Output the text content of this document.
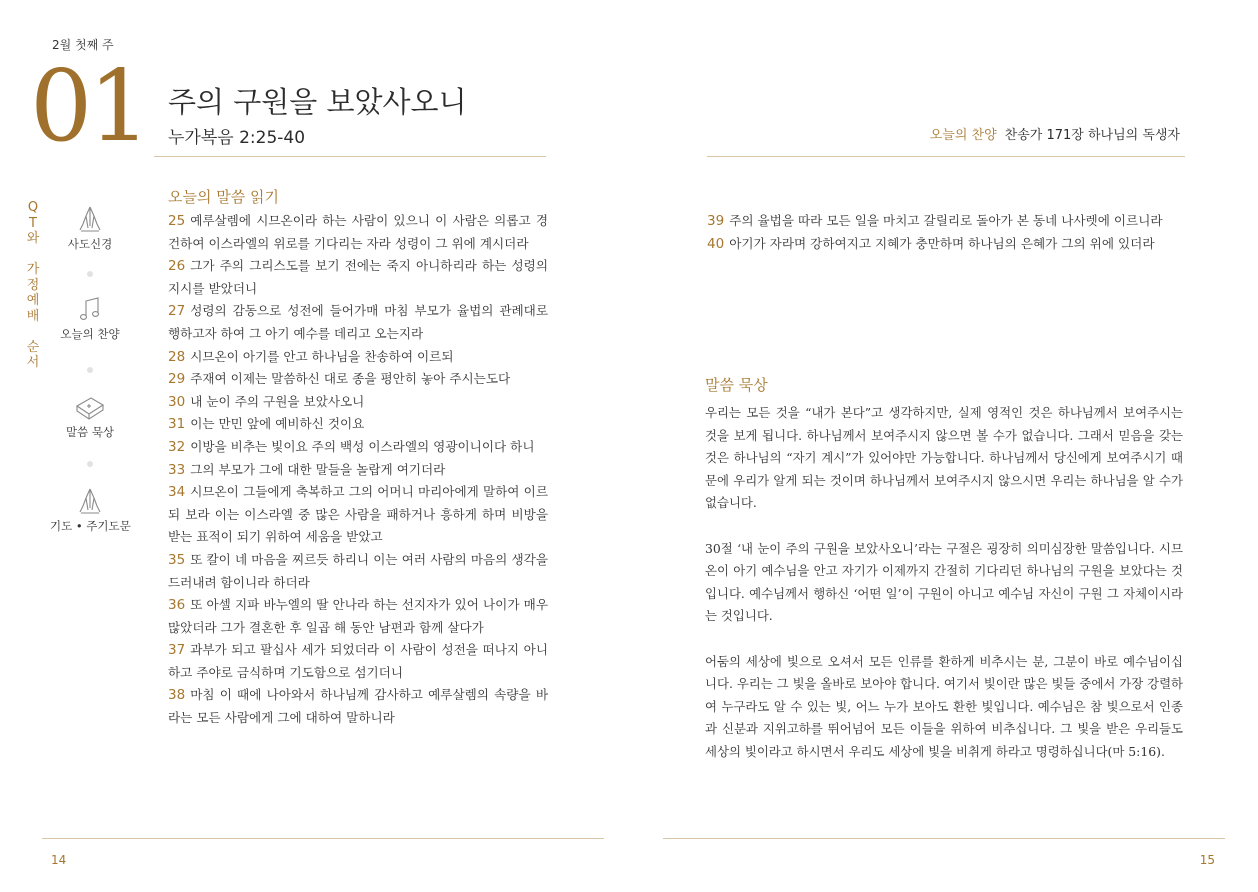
2월 첫째 주
01 주의 구원을 보았사오니
누가복음 2:25-40	오늘의 찬양 찬송가 171장 하나님의 독생자
Q
T
와

가
정
예
배

순
서
사도신경
오늘의 찬양
말씀 묵상
기도 • 주기도문
오늘의 말씀 읽기
25 예루살렘에 시므온이라 하는 사람이 있으니 이 사람은 의롭고 경건하여 이스라엘의 위로를 기다리는 자라 성령이 그 위에 계시더라
26 그가 주의 그리스도를 보기 전에는 죽지 아니하리라 하는 성령의 지시를 받았더니
27 성령의 감동으로 성전에 들어가매 마침 부모가 율법의 관례대로 행하고자 하여 그 아기 예수를 데리고 오는지라
28 시므온이 아기를 안고 하나님을 찬송하여 이르되
29 주재여 이제는 말씀하신 대로 종을 평안히 놓아 주시는도다
30 내 눈이 주의 구원을 보았사오니
31 이는 만민 앞에 예비하신 것이요
32 이방을 비추는 빛이요 주의 백성 이스라엘의 영광이니이다 하니
33 그의 부모가 그에 대한 말들을 놀랍게 여기더라
34 시므온이 그들에게 축복하고 그의 어머니 마리아에게 말하여 이르되 보라 이는 이스라엘 중 많은 사람을 패하거나 흥하게 하며 비방을 받는 표적이 되기 위하여 세움을 받았고
35 또 칼이 네 마음을 찌르듯 하리니 이는 여러 사람의 마음의 생각을 드러내려 함이니라 하더라
36 또 아셀 지파 바누엘의 딸 안나라 하는 선지자가 있어 나이가 매우 많았더라 그가 결혼한 후 일곱 해 동안 남편과 함께 살다가
37 과부가 되고 팔십사 세가 되었더라 이 사람이 성전을 떠나지 아니하고 주야로 금식하며 기도함으로 섬기더니
38 마침 이 때에 나아와서 하나님께 감사하고 예루살렘의 속량을 바라는 모든 사람에게 그에 대하여 말하니라
39 주의 율법을 따라 모든 일을 마치고 갈릴리로 돌아가 본 동네 나사렛에 이르니라
40 아기가 자라며 강하여지고 지혜가 충만하며 하나님의 은혜가 그의 위에 있더라
말씀 묵상

우리는 모든 것을 “내가 본다”고 생각하지만, 실제 영적인 것은 하나님께서 보여주시는 것을 보게 됩니다. 하나님께서 보여주시지 않으면 볼 수가 없습니다. 그래서 믿음을 갖는 것은 하나님의 “자기 계시”가 있어야만 가능합니다. 하나님께서 당신에게 보여주시기 때문에 우리가 알게 되는 것이며 하나님께서 보여주시지 않으시면 우리는 하나님을 알 수가 없습니다.

30절 ‘내 눈이 주의 구원을 보았사오니’라는 구절은 굉장히 의미심장한 말씀입니다. 시므온이 아기 예수님을 안고 자기가 이제까지 간절히 기다리던 하나님의 구원을 보았다는 것입니다. 예수님께서 행하신 ‘어떤 일’이 구원이 아니고 예수님 자신이 구원 그 자체이시라는 것입니다.

어둠의 세상에 빛으로 오셔서 모든 인류를 환하게 비추시는 분, 그분이 바로 예수님이십니다. 우리는 그 빛을 올바로 보아야 합니다. 여기서 빛이란 많은 빛들 중에서 가장 강렬하여 누구라도 알 수 있는 빛, 어느 누가 보아도 환한 빛입니다. 예수님은 참 빛으로서 인종과 신분과 지위고하를 뛰어넘어 모든 이들을 위하여 비추십니다. 그 빛을 받은 우리들도 세상의 빛이라고 하시면서 우리도 세상에 빛을 비취게 하라고 명령하십니다(마 5:16).

14	15
